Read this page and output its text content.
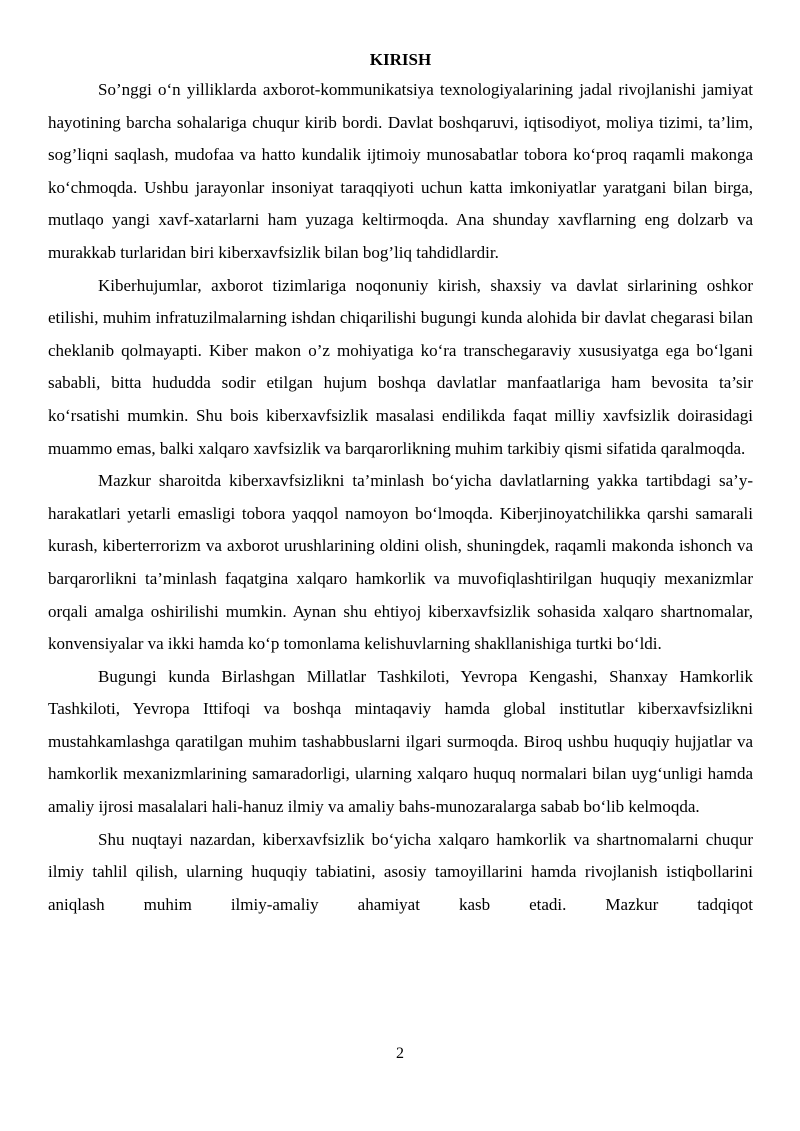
KIRISH

So’nggi o‘n yilliklarda axborot-kommunikatsiya texnologiyalarining jadal rivojlanishi jamiyat hayotining barcha sohalariga chuqur kirib bordi. Davlat boshqaruvi, iqtisodiyot, moliya tizimi, ta’lim, sog’liqni saqlash, mudofaa va hatto kundalik ijtimoiy munosabatlar tobora ko‘proq raqamli makonga ko‘chmoqda. Ushbu jarayonlar insoniyat taraqqiyoti uchun katta imkoniyatlar yaratgani bilan birga, mutlaqo yangi xavf-xatarlarni ham yuzaga keltirmoqda. Ana shunday xavflarning eng dolzarb va murakkab turlaridan biri kiberxavfsizlik bilan bog’liq tahdidlardir.

Kiberhujumlar, axborot tizimlariga noqonuniy kirish, shaxsiy va davlat sirlarining oshkor etilishi, muhim infratuzilmalarning ishdan chiqarilishi bugungi kunda alohida bir davlat chegarasi bilan cheklanib qolmayapti. Kiber makon o’z mohiyatiga ko‘ra transchegaraviy xususiyatga ega bo‘lgani sababli, bitta hududda sodir etilgan hujum boshqa davlatlar manfaatlariga ham bevosita ta’sir ko‘rsatishi mumkin. Shu bois kiberxavfsizlik masalasi endilikda faqat milliy xavfsizlik doirasidagi muammo emas, balki xalqaro xavfsizlik va barqarorlikning muhim tarkibiy qismi sifatida qaralmoqda.

Mazkur sharoitda kiberxavfsizlikni ta’minlash bo‘yicha davlatlarning yakka tartibdagi sa’y-harakatlari yetarli emasligi tobora yaqqol namoyon bo‘lmoqda. Kiberjinoyatchilikka qarshi samarali kurash, kiberterrorizm va axborot urushlarining oldini olish, shuningdek, raqamli makonda ishonch va barqarorlikni ta’minlash faqatgina xalqaro hamkorlik va muvofiqlashtirilgan huquqiy mexanizmlar orqali amalga oshirilishi mumkin. Aynan shu ehtiyoj kiberxavfsizlik sohasida xalqaro shartnomalar, konvensiyalar va ikki hamda ko‘p tomonlama kelishuvlarning shakllanishiga turtki bo‘ldi.

Bugungi kunda Birlashgan Millatlar Tashkiloti, Yevropa Kengashi, Shanxay Hamkorlik Tashkiloti, Yevropa Ittifoqi va boshqa mintaqaviy hamda global institutlar kiberxavfsizlikni mustahkamlashga qaratilgan muhim tashabbuslarni ilgari surmoqda. Biroq ushbu huquqiy hujjatlar va hamkorlik mexanizmlarining samaradorligi, ularning xalqaro huquq normalari bilan uyg‘unligi hamda amaliy ijrosi masalalari hali-hanuz ilmiy va amaliy bahs-munozaralarga sabab bo‘lib kelmoqda.

Shu nuqtayi nazardan, kiberxavfsizlik bo‘yicha xalqaro hamkorlik va shartnomalarni chuqur ilmiy tahlil qilish, ularning huquqiy tabiatini, asosiy tamoyillarini hamda rivojlanish istiqbollarini aniqlash muhim ilmiy-amaliy ahamiyat kasb etadi. Mazkur tadqiqot

2
